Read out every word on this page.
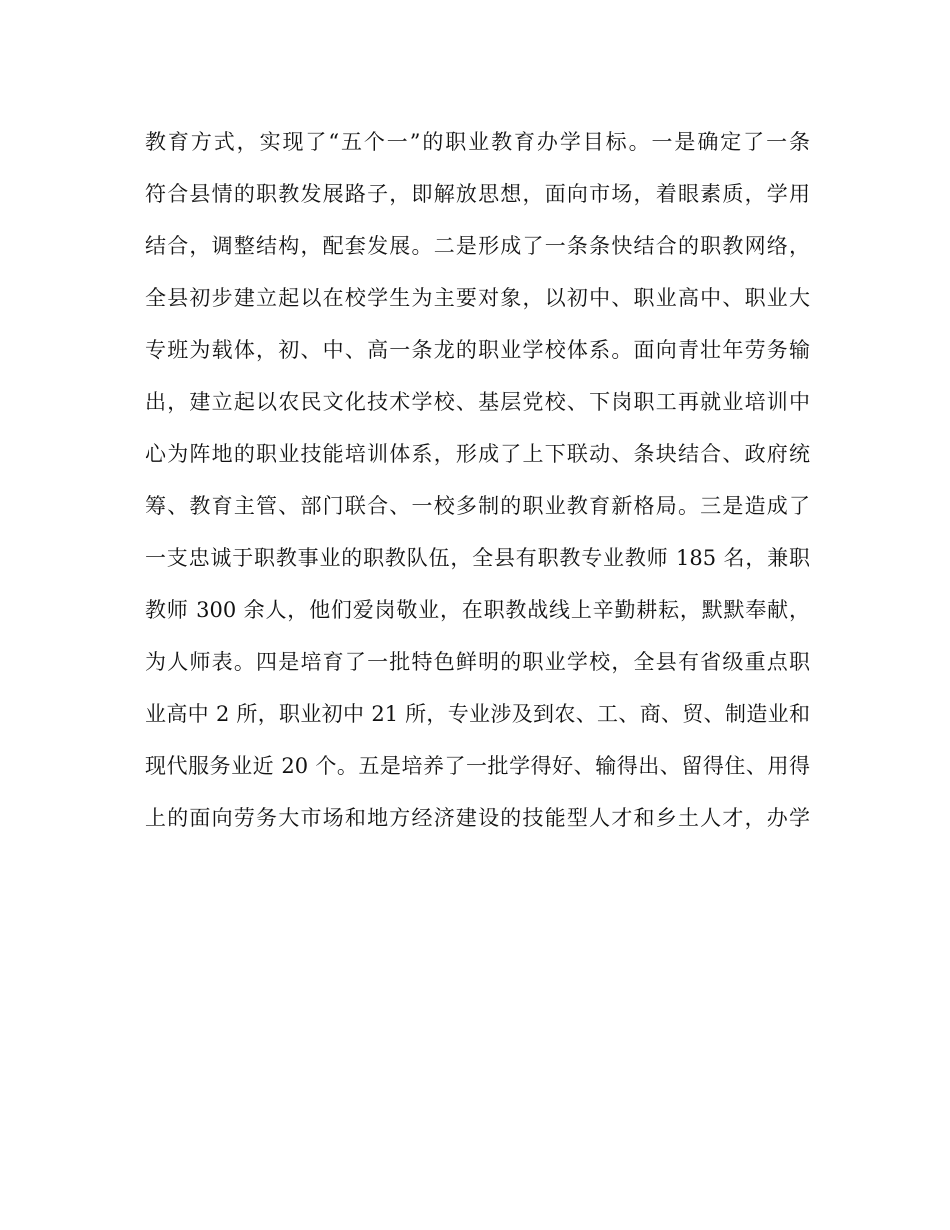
教育方式，实现了“五个一”的职业教育办学目标。一是确定了一条
符合县情的职教发展路子，即解放思想，面向市场，着眼素质，学用
结合，调整结构，配套发展。二是形成了一条条快结合的职教网络，
全县初步建立起以在校学生为主要对象，以初中、职业高中、职业大
专班为载体，初、中、高一条龙的职业学校体系。面向青壮年劳务输
出，建立起以农民文化技术学校、基层党校、下岗职工再就业培训中
心为阵地的职业技能培训体系，形成了上下联动、条块结合、政府统
筹、教育主管、部门联合、一校多制的职业教育新格局。三是造成了
一支忠诚于职教事业的职教队伍，全县有职教专业教师 185 名，兼职
教师 300 余人，他们爱岗敬业，在职教战线上辛勤耕耘，默默奉献，
为人师表。四是培育了一批特色鲜明的职业学校，全县有省级重点职
业高中 2 所，职业初中 21 所，专业涉及到农、工、商、贸、制造业和
现代服务业近 20 个。五是培养了一批学得好、输得出、留得住、用得
上的面向劳务大市场和地方经济建设的技能型人才和乡土人才，办学
